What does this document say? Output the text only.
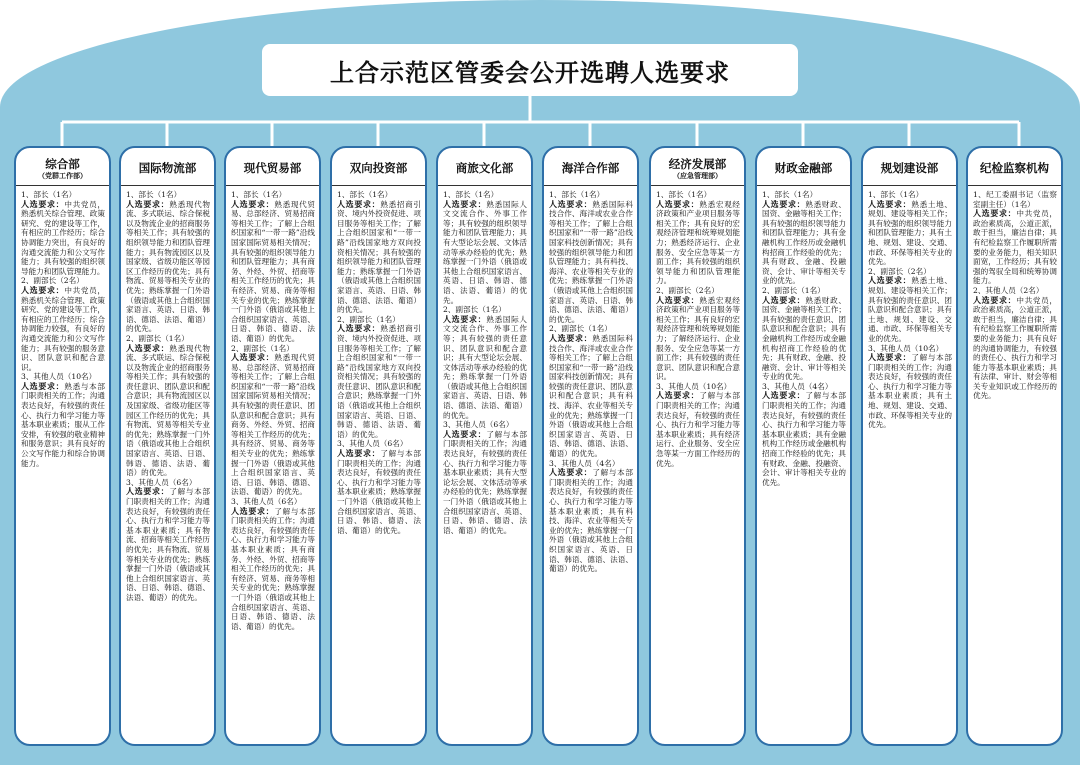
上合示范区管委会公开选聘人选要求
综合部
（党群工作部）
1、部长（1名）
人选要求：中共党员，熟悉机关综合管理、政策研究、党的建设等工作，有相应的工作经历；综合协调能力突出，有良好的沟通交流能力和公文写作能力；具有较强的组织领导能力和团队管理能力。
2、副部长（2名）
人选要求：中共党员，熟悉机关综合管理、政策研究、党的建设等工作，有相应的工作经历；综合协调能力较强，有良好的沟通交流能力和公文写作能力；具有较强的服务意识、团队意识和配合意识。
3、其他人员（10名）
人选要求：熟悉与本部门职责相关的工作；沟通表达良好，有较强的责任心、执行力和学习能力等基本职业素质；服从工作安排，有较强的敬业精神和服务意识；具有良好的公文写作能力和综合协调能力。
国际物流部
1、部长（1名）
人选要求：熟悉现代物流、多式联运、综合保税以及物流企业的招商服务等相关工作；具有较强的组织领导能力和团队管理能力；具有物流园区以及国家级、省级功能区等园区工作经历的优先；具有物流、贸易等相关专业的优先；熟练掌握一门外语（俄语或其他上合组织国家语言、英语、日语、韩语、德语、法语、葡语）的优先。
2、副部长（1名）
人选要求：熟悉现代物流、多式联运、综合保税以及物流企业的招商服务等相关工作；具有较强的责任意识、团队意识和配合意识；具有物流园区以及国家级、省级功能区等园区工作经历的优先；具有物流、贸易等相关专业的优先；熟练掌握一门外语（俄语或其他上合组织国家语言、英语、日语、韩语、德语、法语、葡语）的优先。
3、其他人员（6名）
人选要求：了解与本部门职责相关的工作；沟通表达良好，有较强的责任心、执行力和学习能力等基本职业素质；具有物流、招商等相关工作经历的优先；具有物流、贸易等相关专业的优先；熟练掌握一门外语（俄语或其他上合组织国家语言、英语、日语、韩语、德语、法语、葡语）的优先。
现代贸易部
1、部长（1名）
人选要求：熟悉现代贸易、总部经济、贸易招商等相关工作；了解上合组织国家和“一带一路”沿线国家国际贸易相关情况；具有较强的组织领导能力和团队管理能力；具有商务、外经、外贸、招商等相关工作经历的优先；具有经济、贸易、商务等相关专业的优先；熟练掌握一门外语（俄语或其他上合组织国家语言、英语、日语、韩语、德语、法语、葡语）的优先。
2、副部长（1名）
人选要求：熟悉现代贸易、总部经济、贸易招商等相关工作；了解上合组织国家和“一带一路”沿线国家国际贸易相关情况；具有较强的责任意识、团队意识和配合意识；具有商务、外经、外贸、招商等相关工作经历的优先；具有经济、贸易、商务等相关专业的优先；熟练掌握一门外语（俄语或其他上合组织国家语言、英语、日语、韩语、德语、法语、葡语）的优先。
3、其他人员（6名）
人选要求：了解与本部门职责相关的工作；沟通表达良好，有较强的责任心、执行力和学习能力等基本职业素质；具有商务、外经、外贸、招商等相关工作经历的优先；具有经济、贸易、商务等相关专业的优先；熟练掌握一门外语（俄语或其他上合组织国家语言、英语、日语、韩语、德语、法语、葡语）的优先。
双向投资部
1、部长（1名）
人选要求：熟悉招商引资、境内外投资促进、项目服务等相关工作；了解上合组织国家和“一带一路”沿线国家地方双向投资相关情况；具有较强的组织领导能力和团队管理能力；熟练掌握一门外语（俄语或其他上合组织国家语言、英语、日语、韩语、德语、法语、葡语）的优先。
2、副部长（1名）
人选要求：熟悉招商引资、境内外投资促进、项目服务等相关工作；了解上合组织国家和“一带一路”沿线国家地方双向投资相关情况；具有较强的责任意识、团队意识和配合意识；熟练掌握一门外语（俄语或其他上合组织国家语言、英语、日语、韩语、德语、法语、葡语）的优先。
3、其他人员（6名）
人选要求：了解与本部门职责相关的工作；沟通表达良好，有较强的责任心、执行力和学习能力等基本职业素质；熟练掌握一门外语（俄语或其他上合组织国家语言、英语、日语、韩语、德语、法语、葡语）的优先。
商旅文化部
1、部长（1名）
人选要求：熟悉国际人文交流合作、外事工作等；具有较强的组织领导能力和团队管理能力；具有大型论坛会展、文体活动等承办经验的优先；熟练掌握一门外语（俄语或其他上合组织国家语言、英语、日语、韩语、德语、法语、葡语）的优先。
2、副部长（1名）
人选要求：熟悉国际人文交流合作、外事工作等；具有较强的责任意识、团队意识和配合意识；具有大型论坛会展、文体活动等承办经验的优先；熟练掌握一门外语（俄语或其他上合组织国家语言、英语、日语、韩语、德语、法语、葡语）的优先。
3、其他人员（6名）
人选要求：了解与本部门职责相关的工作；沟通表达良好，有较强的责任心、执行力和学习能力等基本职业素质；具有大型论坛会展、文体活动等承办经验的优先；熟练掌握一门外语（俄语或其他上合组织国家语言、英语、日语、韩语、德语、法语、葡语）的优先。
海洋合作部
1、部长（1名）
人选要求：熟悉国际科技合作、海洋或农业合作等相关工作；了解上合组织国家和“一带一路”沿线国家科技创新情况；具有较强的组织领导能力和团队管理能力；具有科技、海洋、农业等相关专业的优先；熟练掌握一门外语（俄语或其他上合组织国家语言、英语、日语、韩语、德语、法语、葡语）的优先。
2、副部长（1名）
人选要求：熟悉国际科技合作、海洋或农业合作等相关工作；了解上合组织国家和“一带一路”沿线国家科技创新情况；具有较强的责任意识、团队意识和配合意识；具有科技、海洋、农业等相关专业的优先；熟练掌握一门外语（俄语或其他上合组织国家语言、英语、日语、韩语、德语、法语、葡语）的优先。
3、其他人员（4名）
人选要求：了解与本部门职责相关的工作；沟通表达良好，有较强的责任心、执行力和学习能力等基本职业素质；具有科技、海洋、农业等相关专业的优先；熟练掌握一门外语（俄语或其他上合组织国家语言、英语、日语、韩语、德语、法语、葡语）的优先。
经济发展部
（应急管理部）
1、部长（1名）
人选要求：熟悉宏观经济政策和产业项目服务等相关工作；具有良好的宏观经济管理和统筹规划能力；熟悉经济运行、企业服务、安全应急等某一方面工作；具有较强的组织领导能力和团队管理能力。
2、副部长（2名）
人选要求：熟悉宏观经济政策和产业项目服务等相关工作；具有良好的宏观经济管理和统筹规划能力；了解经济运行、企业服务、安全应急等某一方面工作；具有较强的责任意识、团队意识和配合意识。
3、其他人员（10名）
人选要求：了解与本部门职责相关的工作；沟通表达良好，有较强的责任心、执行力和学习能力等基本职业素质；具有经济运行、企业服务、安全应急等某一方面工作经历的优先。
财政金融部
1、部长（1名）
人选要求：熟悉财政、国资、金融等相关工作；具有较强的组织领导能力和团队管理能力；具有金融机构工作经历或金融机构招商工作经验的优先；具有财政、金融、投融资、会计、审计等相关专业的优先。
2、副部长（1名）
人选要求：熟悉财政、国资、金融等相关工作；具有较强的责任意识、团队意识和配合意识；具有金融机构工作经历或金融机构招商工作经验的优先；具有财政、金融、投融资、会计、审计等相关专业的优先。
3、其他人员（4名）
人选要求：了解与本部门职责相关的工作；沟通表达良好，有较强的责任心、执行力和学习能力等基本职业素质；具有金融机构工作经历或金融机构招商工作经验的优先；具有财政、金融、投融资、会计、审计等相关专业的优先。
规划建设部
1、部长（1名）
人选要求：熟悉土地、规划、建设等相关工作；具有较强的组织领导能力和团队管理能力；具有土地、规划、建设、交通、市政、环保等相关专业的优先。
2、副部长（2名）
人选要求：熟悉土地、规划、建设等相关工作；具有较强的责任意识、团队意识和配合意识；具有土地、规划、建设、交通、市政、环保等相关专业的优先。
3、其他人员（10名）
人选要求：了解与本部门职责相关的工作；沟通表达良好，有较强的责任心、执行力和学习能力等基本职业素质；具有土地、规划、建设、交通、市政、环保等相关专业的优先。
纪检监察机构
1、纪工委副书记（监察室副主任）（1名）
人选要求：中共党员，政治素质高，公道正派，敢于担当，廉洁自律；具有纪检监察工作履职所需要的业务能力，相关知识面宽，工作经历；具有较强的驾驭全局和统筹协调能力。
2、其他人员（2名）
人选要求：中共党员，政治素质高，公道正派，敢于担当，廉洁自律；具有纪检监察工作履职所需要的业务能力；具有良好的沟通协调能力，有较强的责任心、执行力和学习能力等基本职业素质；具有法律、审计、财会等相关专业知识或工作经历的优先。
